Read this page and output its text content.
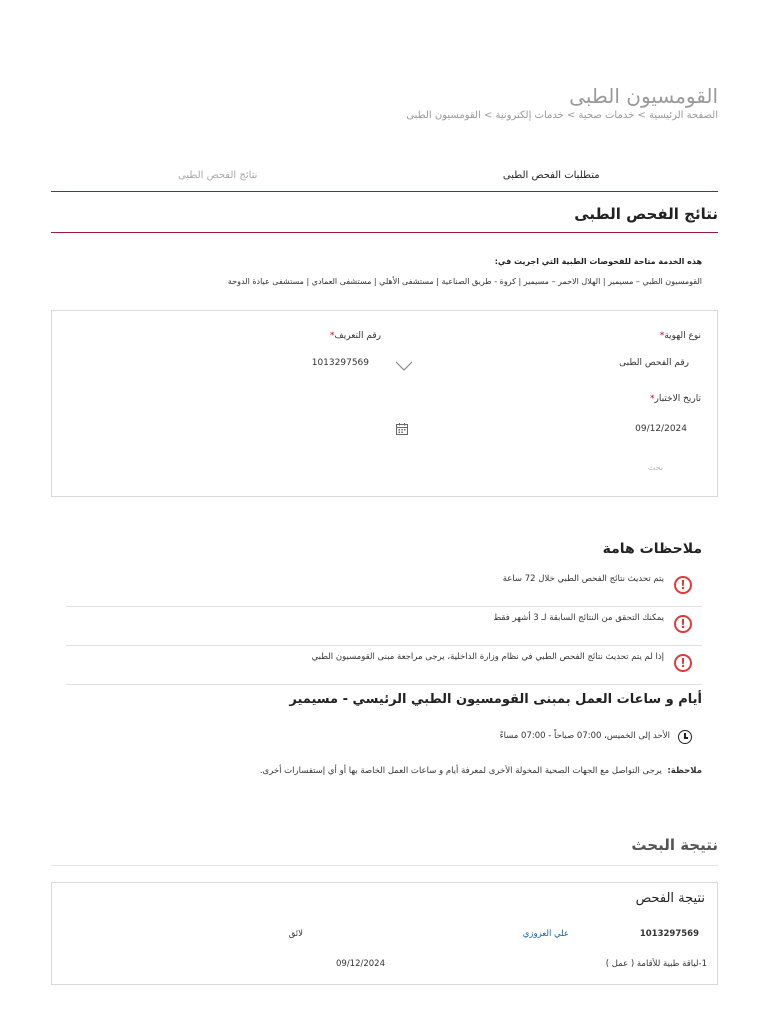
القومسيون الطبى
الصفحة الرئيسية > خدمات صحية > خدمات إلكترونية > القومسيون الطبى
متطلبات الفحص الطبى
نتائج الفحص الطبى
نتائج الفحص الطبى
هذه الخدمة متاحة للفحوصات الطبية التي اجريت في:
القومسيون الطبي – مسيمير | الهلال الاحمر – مسيمير | كروة - طريق الصناعية | مستشفى الأهلي | مستشفى العمادي | مستشفى عيادة الدوحة
نوع الهوية*
رقم الفحص الطبى
رقم التعريف*
1013297569
تاريخ الاختبار*
09/12/2024
بحث
ملاحظات هامة
!
يتم تحديث نتائج الفحص الطبي خلال 72 ساعة
!
يمكنك التحقق من النتائج السابقة لـ 3 أشهر فقط
!
إذا لم يتم تحديث نتائج الفحص الطبي في نظام وزارة الداخلية، يرجى مراجعة مبنى القومسيون الطبي
أيام و ساعات العمل بمبنى القومسيون الطبي الرئيسي - مسيمير
الأحد إلى الخميس، 07:00 صباحاً - 07:00 مساءً
ملاحظة:  يرجى التواصل مع الجهات الصحية المخولة الأخرى لمعرفة أيام و ساعات العمل الخاصة بها أو أي إستفسارات أخرى.
نتيجة البحث
نتيجة الفحص
1013297569
علي العزوزي
لائق
1-لياقة طبية للأقامة ( عمل )
09/12/2024
